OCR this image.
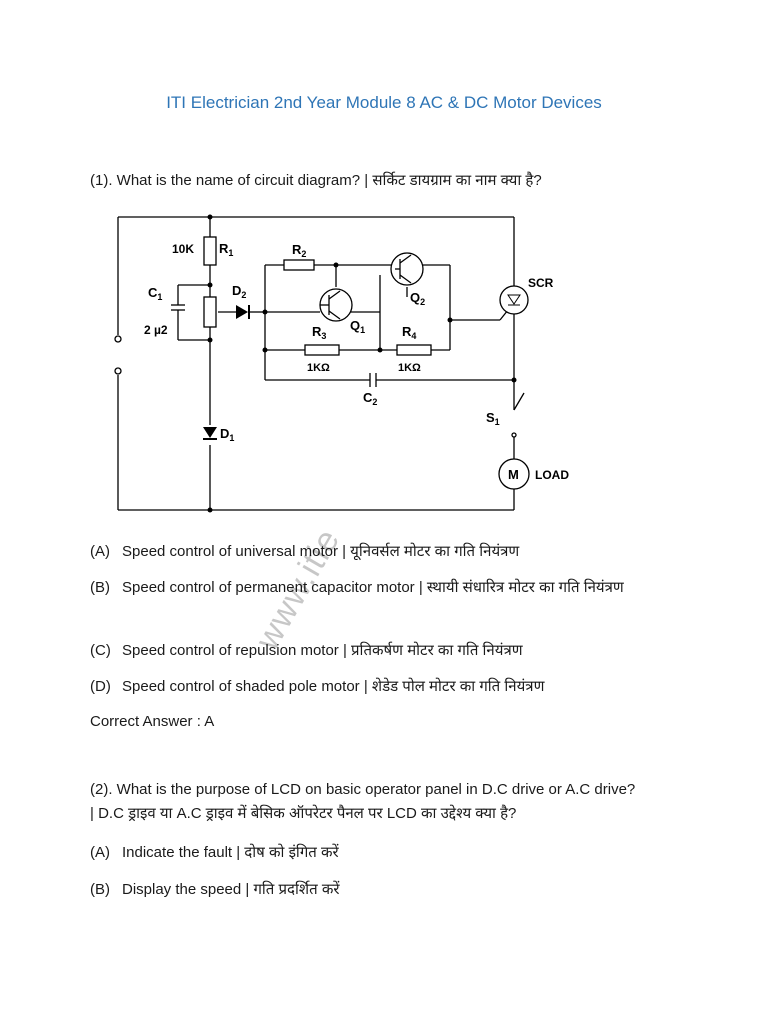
ITI Electrician 2nd Year Module 8 AC & DC Motor Devices
(1). What is the name of circuit diagram? | सर्किट डायग्राम का नाम क्या है?
10K $R_1$	$R_2$
$C_1$
2 µ2
$D_2$
$D_1$
$R_3$
$Q_1$	$R_4$
$Q_2$
1KΩ	1KΩ
$C_2$
SCR
$S_1$
M LOAD
(A) Speed control of universal motor | यूनिवर्सल मोटर का गति नियंत्रण
(B) Speed control of permanent capacitor motor | स्थायी संधारित्र मोटर का गति नियंत्रण
(C) Speed control of repulsion motor | प्रतिकर्षण मोटर का गति नियंत्रण
(D) Speed control of shaded pole motor | शेडेड पोल मोटर का गति नियंत्रण
Correct Answer : A
(2). What is the purpose of LCD on basic operator panel in D.C drive or A.C drive?
| D.C ड्राइव या A.C ड्राइव में बेसिक ऑपरेटर पैनल पर LCD का उद्देश्य क्या है?
(A) Indicate the fault | दोष को इंगित करें
(B) Display the speed | गति प्रदर्शित करें
www.itie
